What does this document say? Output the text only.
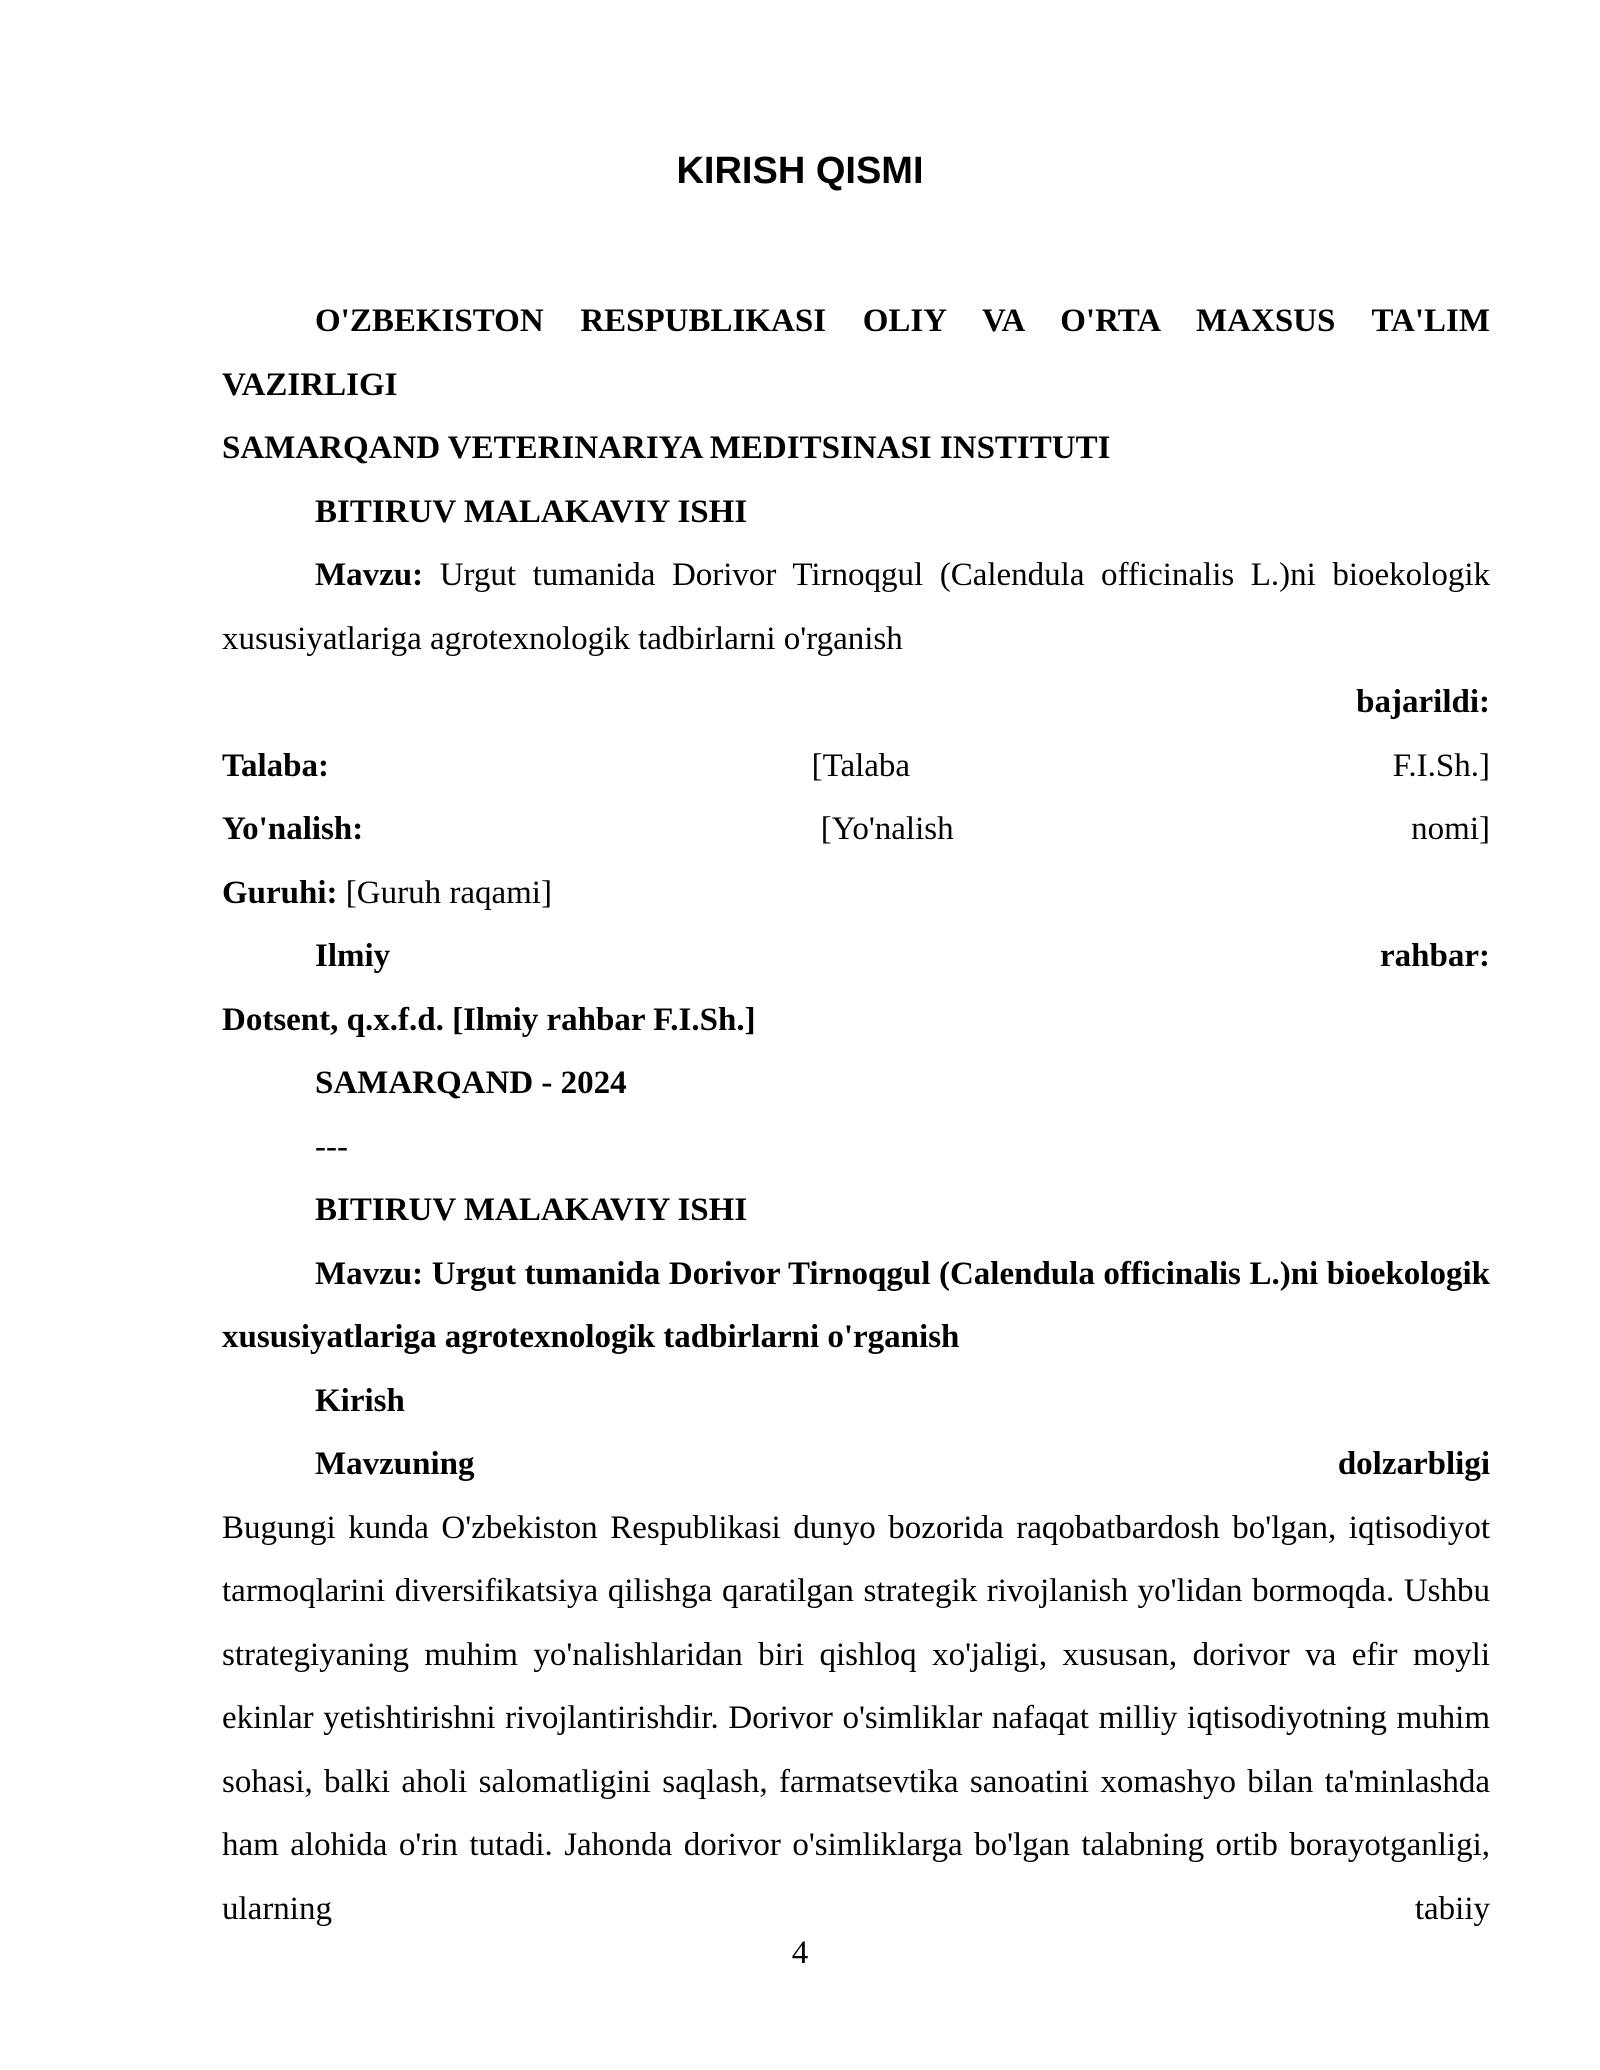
KIRISH QISMI

O'ZBEKISTON RESPUBLIKASI OLIY VA O'RTA MAXSUS TA'LIM VAZIRLIGI

SAMARQAND VETERINARIYA MEDITSINASI INSTITUTI

BITIRUV MALAKAVIY ISHI

Mavzu: Urgut tumanida Dorivor Tirnoqgul (Calendula officinalis L.)ni bioekologik xususiyatlariga agrotexnologik tadbirlarni o'rganish

bajarildi:

Talaba:	[Talaba	F.I.Sh.]
Yo'nalish:	[Yo'nalish	nomi]

Guruhi: [Guruh raqami]

Ilmiy	rahbar:

Dotsent, q.x.f.d. [Ilmiy rahbar F.I.Sh.]

SAMARQAND - 2024

---

BITIRUV MALAKAVIY ISHI

Mavzu: Urgut tumanida Dorivor Tirnoqgul (Calendula officinalis L.)ni bioekologik xususiyatlariga agrotexnologik tadbirlarni o'rganish

Kirish

Mavzuning	dolzarbligi

Bugungi kunda O'zbekiston Respublikasi dunyo bozorida raqobatbardosh bo'lgan, iqtisodiyot tarmoqlarini diversifikatsiya qilishga qaratilgan strategik rivojlanish yo'lidan bormoqda. Ushbu strategiyaning muhim yo'nalishlaridan biri qishloq xo'jaligi, xususan, dorivor va efir moyli ekinlar yetishtirishni rivojlantirishdir. Dorivor o'simliklar nafaqat milliy iqtisodiyotning muhim sohasi, balki aholi salomatligini saqlash, farmatsevtika sanoatini xomashyo bilan ta'minlashda ham alohida o'rin tutadi. Jahonda dorivor o'simliklarga bo'lgan talabning ortib borayotganligi, ularning tabiiy

4
